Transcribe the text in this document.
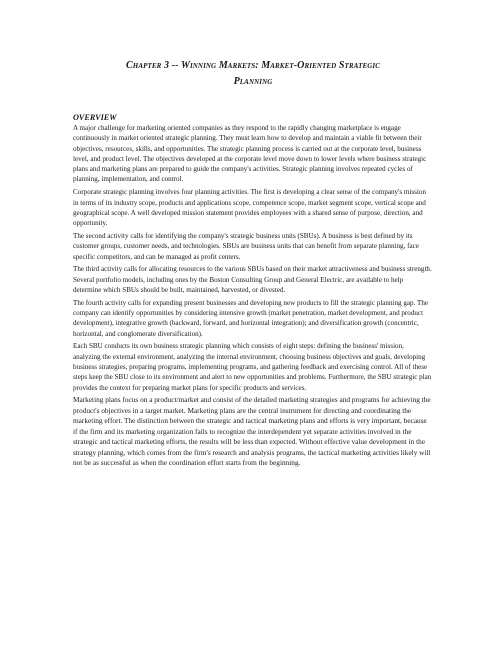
Chapter 3 -- Winning Markets: Market-Oriented Strategic
Planning
OVERVIEW

A major challenge for marketing oriented companies as they respond to the rapidly changing marketplace is engage continuously in market oriented strategic planning. They must learn how to develop and maintain a viable fit between their objectives, resources, skills, and opportunities. The strategic planning process is carried out at the corporate level, business level, and product level. The objectives developed at the corporate level move down to lower levels where business strategic plans and marketing plans are prepared to guide the company's activities. Strategic planning involves repeated cycles of planning, implementation, and control.

Corporate strategic planning involves four planning activities. The first is developing a clear sense of the company's mission in terms of its industry scope, products and applications scope, competence scope, market segment scope, vertical scope and geographical scope. A well developed mission statement provides employees with a shared sense of purpose, direction, and opportunity.

The second activity calls for identifying the company's strategic business units (SBUs). A business is best defined by its customer groups, customer needs, and technologies. SBUs are business units that can benefit from separate planning, face specific competitors, and can be managed as profit centers.

The third activity calls for allocating resources to the various SBUs based on their market attractiveness and business strength. Several portfolio models, including ones by the Boston Consulting Group and General Electric, are available to help determine which SBUs should be built, maintained, harvested, or divested.

The fourth activity calls for expanding present businesses and developing new products to fill the strategic planning gap. The company can identify opportunities by considering intensive growth (market penetration, market development, and product development), integrative growth (backward, forward, and horizontal integration); and diversification growth (concentric, horizontal, and conglomerate diversification).

Each SBU conducts its own business strategic planning which consists of eight steps: defining the business' mission, analyzing the external environment, analyzing the internal environment, choosing business objectives and goals, developing business strategies, preparing programs, implementing programs, and gathering feedback and exercising control. All of these steps keep the SBU close to its environment and alert to new opportunities and problems. Furthermore, the SBU strategic plan provides the context for preparing market plans for specific products and services.

Marketing plans focus on a product/market and consist of the detailed marketing strategies and programs for achieving the product's objectives in a target market. Marketing plans are the central instrument for directing and coordinating the marketing effort. The distinction between the strategic and tactical marketing plans and efforts is very important, because if the firm and its marketing organization fails to recognize the interdependent yet separate activities involved in the strategic and tactical marketing efforts, the results will be less than expected. Without effective value development in the strategy planning, which comes from the firm's research and analysis programs, the tactical marketing activities likely will not be as successful as when the coordination effort starts from the beginning.
